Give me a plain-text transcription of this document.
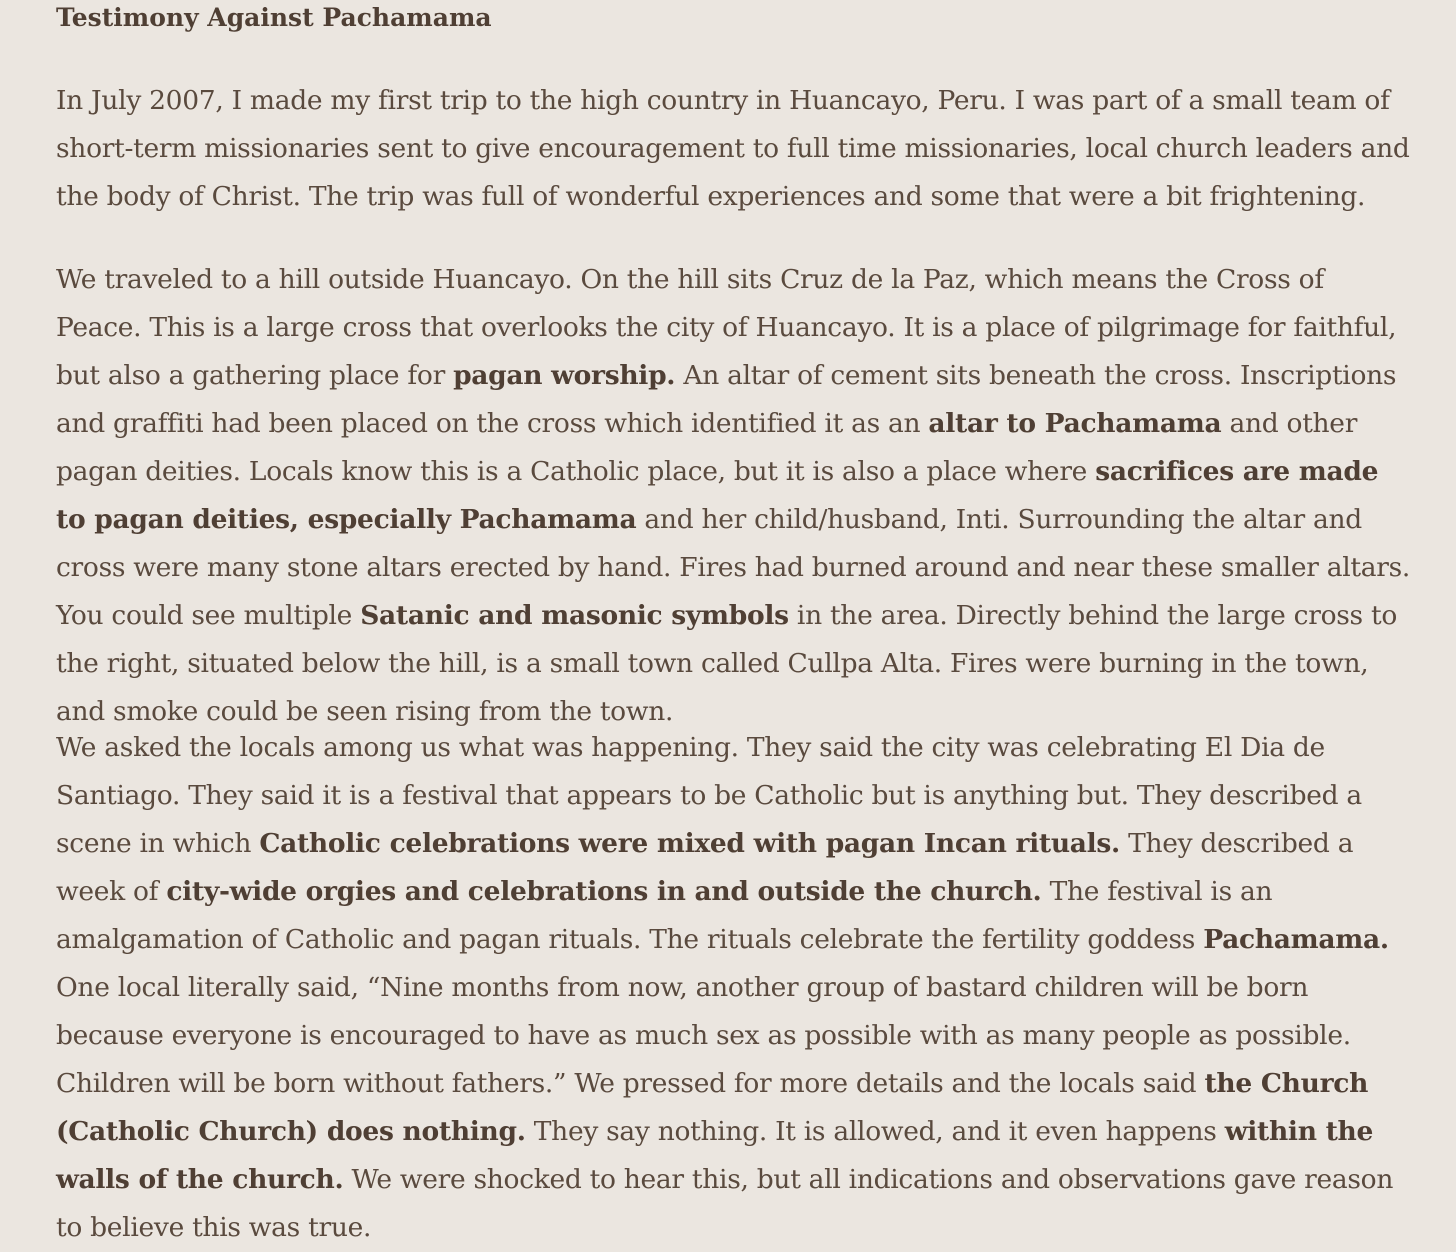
Testimony Against Pachamama

In July 2007, I made my first trip to the high country in Huancayo, Peru. I was part of a small team of short-term missionaries sent to give encouragement to full time missionaries, local church leaders and the body of Christ. The trip was full of wonderful experiences and some that were a bit frightening.

We traveled to a hill outside Huancayo. On the hill sits Cruz de la Paz, which means the Cross of Peace. This is a large cross that overlooks the city of Huancayo. It is a place of pilgrimage for faithful, but also a gathering place for pagan worship. An altar of cement sits beneath the cross. Inscriptions and graffiti had been placed on the cross which identified it as an altar to Pachamama and other pagan deities. Locals know this is a Catholic place, but it is also a place where sacrifices are made to pagan deities, especially Pachamama and her child/husband, Inti. Surrounding the altar and cross were many stone altars erected by hand. Fires had burned around and near these smaller altars. You could see multiple Satanic and masonic symbols in the area. Directly behind the large cross to the right, situated below the hill, is a small town called Cullpa Alta. Fires were burning in the town, and smoke could be seen rising from the town.

We asked the locals among us what was happening. They said the city was celebrating El Dia de Santiago. They said it is a festival that appears to be Catholic but is anything but. They described a scene in which Catholic celebrations were mixed with pagan Incan rituals. They described a week of city-wide orgies and celebrations in and outside the church. The festival is an amalgamation of Catholic and pagan rituals. The rituals celebrate the fertility goddess Pachamama. One local literally said, “Nine months from now, another group of bastard children will be born because everyone is encouraged to have as much sex as possible with as many people as possible. Children will be born without fathers.” We pressed for more details and the locals said the Church (Catholic Church) does nothing. They say nothing. It is allowed, and it even happens within the walls of the church. We were shocked to hear this, but all indications and observations gave reason to believe this was true.
